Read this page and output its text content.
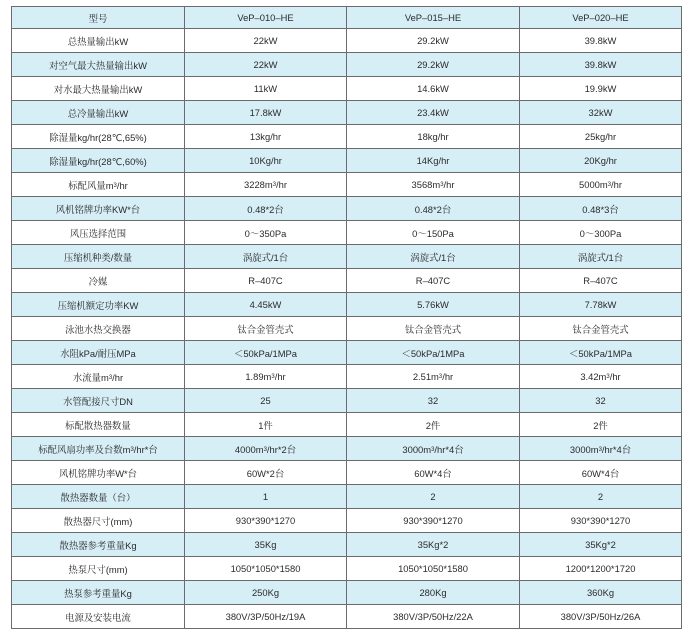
型号	VeP–010–HE	VeP–015–HE	VeP–020–HE
总热量输出kW	22kW	29.2kW	39.8kW
对空气最大热量输出kW	22kW	29.2kW	39.8kW
对水最大热量输出kW	11kW	14.6kW	19.9kW
总冷量输出kW	17.8kW	23.4kW	32kW
除湿量kg/hr(28℃,65%)	13kg/hr	18kg/hr	25kg/hr
除湿量kg/hr(28℃,60%)	10Kg/hr	14Kg/hr	20Kg/hr
标配风量$m^3/hr$	$3228m^3/hr$	$3568m^3/hr$	$5000m^3/hr$
风机铭牌功率KW*台	0.48*2台	0.48*2台	0.48*3台
风压选择范围	0～350Pa	0～150Pa	0～300Pa
压缩机种类/数量	涡旋式/1台	涡旋式/1台	涡旋式/1台
冷媒	R–407C	R–407C	R–407C
压缩机额定功率KW	4.45kW	5.76kW	7.78kW
泳池水热交换器	钛合金管壳式	钛合金管壳式	钛合金管壳式
水阻kPa/耐压MPa	＜50kPa/1MPa	＜50kPa/1MPa	＜50kPa/1MPa
水流量$m^3/hr$	$1.89m^3/hr$	$2.51m^3/hr$	$3.42m^3/hr$
水管配接尺寸DN	25	32	32
标配散热器数量	1件	2件	2件
标配风扇功率及台数$m^3/hr*$台	$4000m^3/hr*2$台	$3000m^3/hr*4$台	$3000m^3/hr*4$台
风机铭牌功率W*台	60W*2台	60W*4台	60W*4台
散热器数量（台）	1	2	2
散热器尺寸(mm)	930*390*1270	930*390*1270	930*390*1270
散热器参考重量Kg	35Kg	35Kg*2	35Kg*2
热泵尺寸(mm)	1050*1050*1580	1050*1050*1580	1200*1200*1720
热泵参考重量Kg	250Kg	280Kg	360Kg
电源及安装电流	380V/3P/50Hz/19A	380V/3P/50Hz/22A	380V/3P/50Hz/26A
